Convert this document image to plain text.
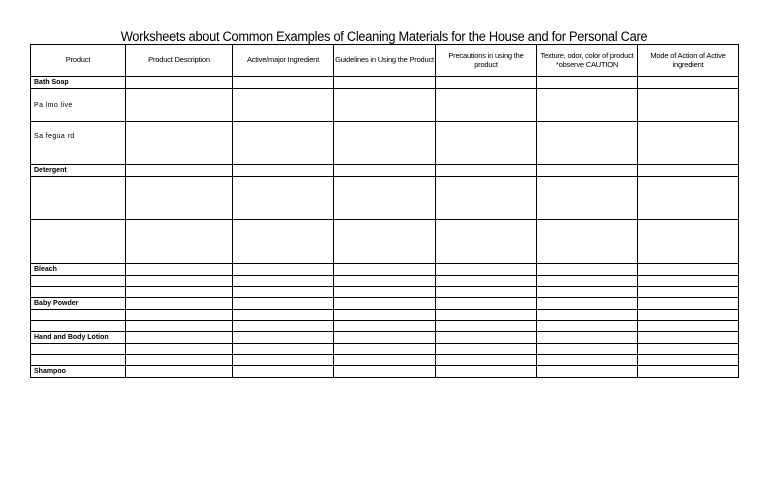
Worksheets about Common Examples of Cleaning Materials for the House and for Personal Care
Product	Product Description	Active/major Ingredient	Guidelines in Using the Product	Precautions in using the product	Texture, odor, color of product *observe CAUTION	Mode of Action of Active ingredient
Bath Soap						
Pa lmo live						
Sa fegua rd						
Detergent						

Bleach						

Baby Powder						

Hand and Body Lotion						

Shampoo						
